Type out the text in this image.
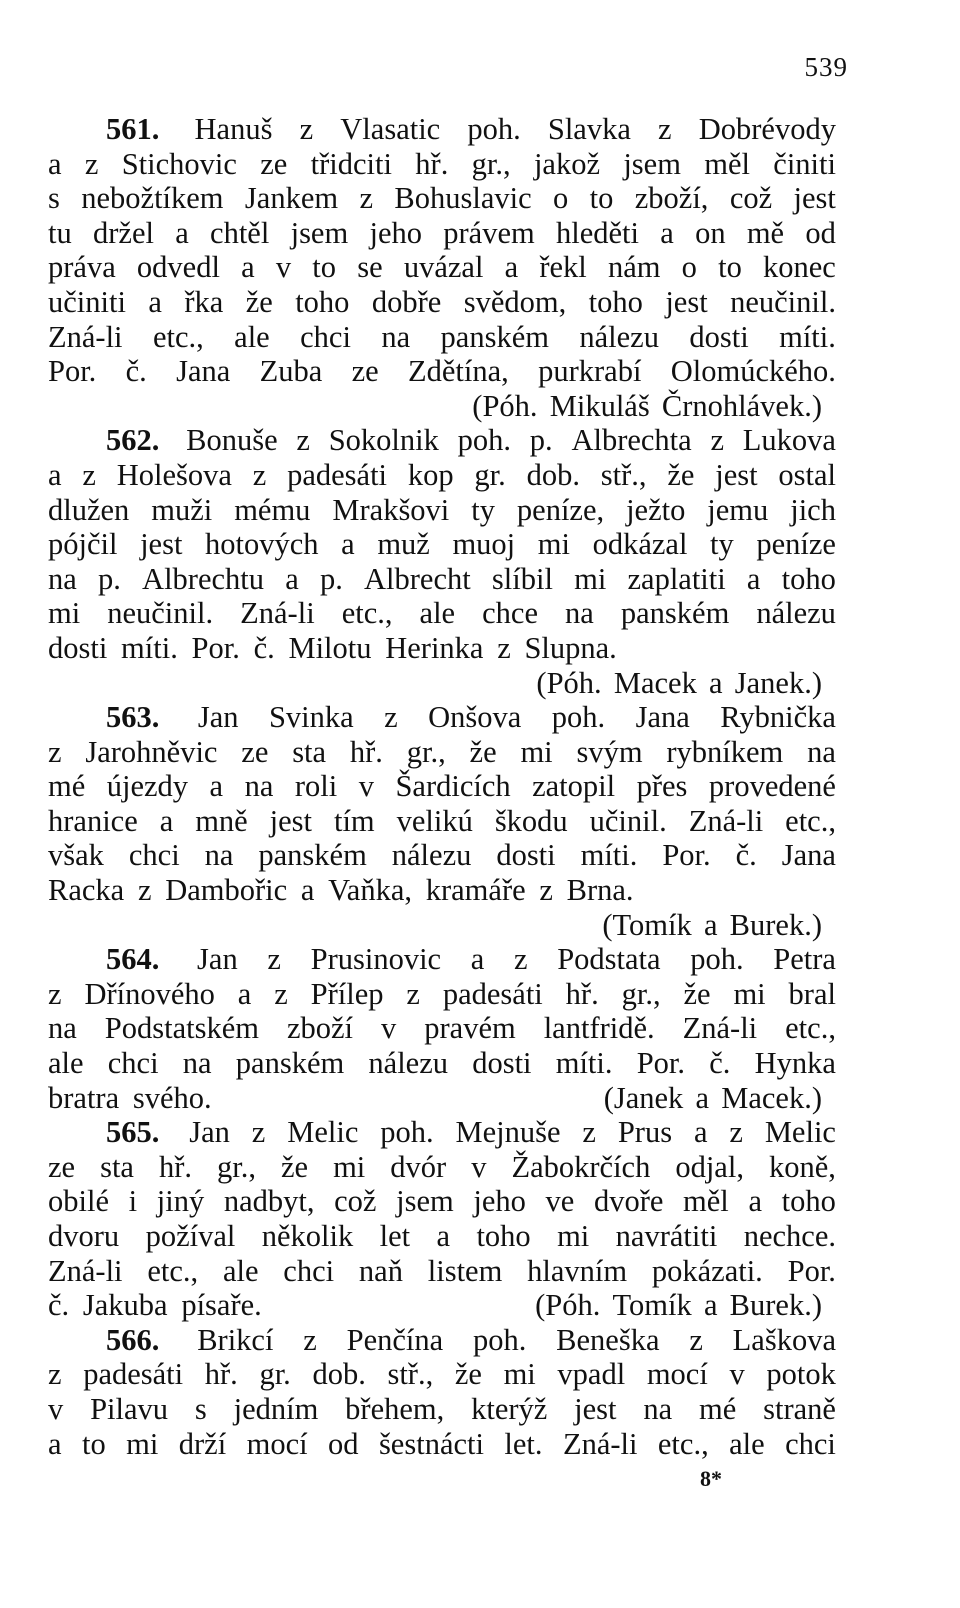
539
561. Hanuš z Vlasatic poh. Slavka z Dobrévody
a z Stichovic ze třidciti hř. gr., jakož jsem měl činiti
s nebožtíkem Jankem z Bohuslavic o to zboží, což jest
tu držel a chtěl jsem jeho právem hleděti a on mě od
práva odvedl a v to se uvázal a řekl nám o to konec
učiniti a řka že toho dobře svědom, toho jest neučinil.
Zná-li etc., ale chci na panském nálezu dosti míti.
Por. č. Jana Zuba ze Zdětína, purkrabí Olomúckého.
(Póh. Mikuláš Črnohlávek.)
562. Bonuše z Sokolnik poh. p. Albrechta z Lukova
a z Holešova z padesáti kop gr. dob. stř., že jest ostal
dlužen muži mému Mrakšovi ty peníze, ježto jemu jich
pójčil jest hotových a muž muoj mi odkázal ty peníze
na p. Albrechtu a p. Albrecht slíbil mi zaplatiti a toho
mi neučinil. Zná-li etc., ale chce na panském nálezu
dosti míti. Por. č. Milotu Herinka z Slupna.
(Póh. Macek a Janek.)
563. Jan Svinka z Onšova poh. Jana Rybnička
z Jarohněvic ze sta hř. gr., že mi svým rybníkem na
mé újezdy a na roli v Šardicích zatopil přes provedené
hranice a mně jest tím velikú škodu učinil. Zná-li etc.,
však chci na panském nálezu dosti míti. Por. č. Jana
Racka z Dambořic a Vaňka, kramáře z Brna.
(Tomík a Burek.)
564. Jan z Prusinovic a z Podstata poh. Petra
z Dřínového a z Přílep z padesáti hř. gr., že mi bral
na Podstatském zboží v pravém lantfridě. Zná-li etc.,
ale chci na panském nálezu dosti míti. Por. č. Hynka
bratra svého.	(Janek a Macek.)
565. Jan z Melic poh. Mejnuše z Prus a z Melic
ze sta hř. gr., že mi dvór v Žabokrčích odjal, koně,
obilé i jiný nadbyt, což jsem jeho ve dvoře měl a toho
dvoru požíval několik let a toho mi navrátiti nechce.
Zná-li etc., ale chci naň listem hlavním pokázati. Por.
č. Jakuba písaře.	(Póh. Tomík a Burek.)
566. Brikcí z Penčína poh. Beneška z Laškova
z padesáti hř. gr. dob. stř., že mi vpadl mocí v potok
v Pilavu s jedním břehem, kterýž jest na mé straně
a to mi drží mocí od šestnácti let. Zná-li etc., ale chci
8*
